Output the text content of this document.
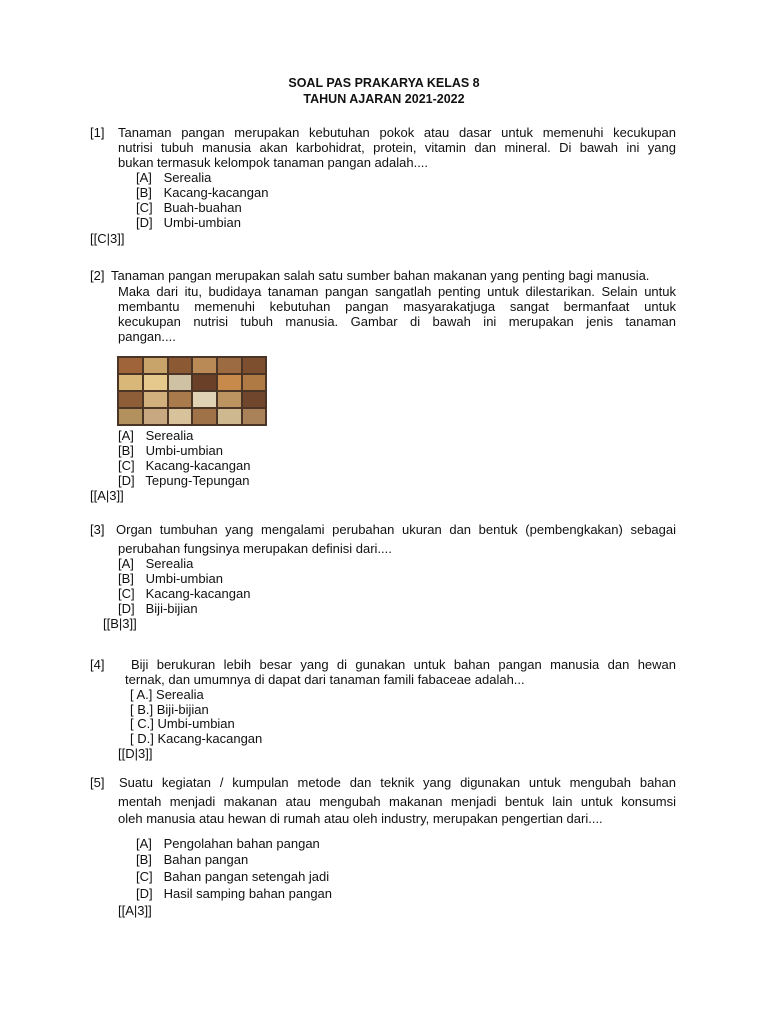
SOAL PAS PRAKARYA KELAS 8
TAHUN AJARAN 2021-2022
[1] Tanaman pangan merupakan kebutuhan pokok atau dasar untuk memenuhi kecukupan
nutrisi tubuh manusia akan karbohidrat, protein, vitamin dan mineral. Di bawah ini yang
bukan termasuk kelompok tanaman pangan adalah....
[A] Serealia
[B] Kacang-kacangan
[C] Buah-buahan
[D] Umbi-umbian
[[C|3]]
[2] Tanaman pangan merupakan salah satu sumber bahan makanan yang penting bagi manusia.
Maka dari itu, budidaya tanaman pangan sangatlah penting untuk dilestarikan. Selain untuk
membantu memenuhi kebutuhan pangan masyarakatjuga sangat bermanfaat untuk
kecukupan nutrisi tubuh manusia. Gambar di bawah ini merupakan jenis tanaman
pangan....
[A] Serealia
[B] Umbi-umbian
[C] Kacang-kacangan
[D] Tepung-Tepungan
[[A|3]]
[3] Organ tumbuhan yang mengalami perubahan ukuran dan bentuk (pembengkakan) sebagai
perubahan fungsinya merupakan definisi dari....
[A] Serealia
[B] Umbi-umbian
[C] Kacang-kacangan
[D] Biji-bijian
[[B|3]]
[4] Biji berukuran lebih besar yang di gunakan untuk bahan pangan manusia dan hewan
ternak, dan umumnya di dapat dari tanaman famili fabaceae adalah...
[ A.] Serealia
[ B.] Biji-bijian
[ C.] Umbi-umbian
[ D.] Kacang-kacangan
[[D|3]]
[5] Suatu kegiatan / kumpulan metode dan teknik yang digunakan untuk mengubah bahan
mentah menjadi makanan atau mengubah makanan menjadi bentuk lain untuk konsumsi
oleh manusia atau hewan di rumah atau oleh industry, merupakan pengertian dari....
[A] Pengolahan bahan pangan
[B] Bahan pangan
[C] Bahan pangan setengah jadi
[D] Hasil samping bahan pangan
[[A|3]]
